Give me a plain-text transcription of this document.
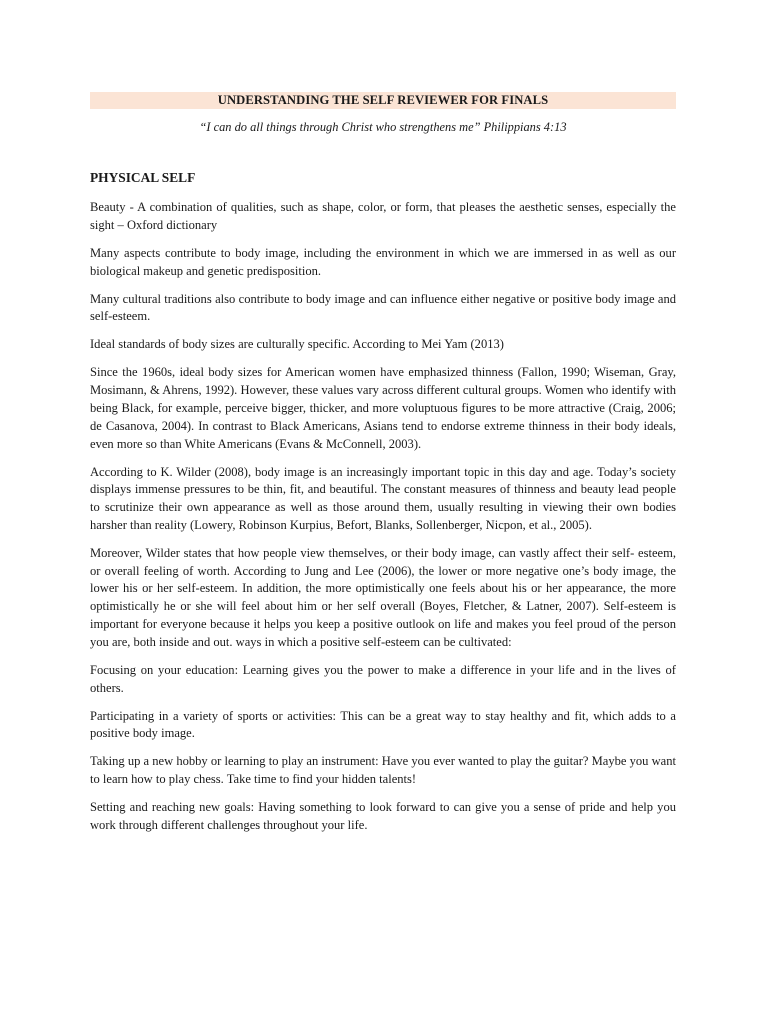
UNDERSTANDING THE SELF REVIEWER FOR FINALS
“I can do all things through Christ who strengthens me” Philippians 4:13
PHYSICAL SELF

Beauty - A combination of qualities, such as shape, color, or form, that pleases the aesthetic senses, especially the sight – Oxford dictionary

Many aspects contribute to body image, including the environment in which we are immersed in as well as our biological makeup and genetic predisposition.

Many cultural traditions also contribute to body image and can influence either negative or positive body image and self-esteem.

Ideal standards of body sizes are culturally specific. According to Mei Yam (2013)

Since the 1960s, ideal body sizes for American women have emphasized thinness (Fallon, 1990; Wiseman, Gray, Mosimann, & Ahrens, 1992). However, these values vary across different cultural groups. Women who identify with being Black, for example, perceive bigger, thicker, and more voluptuous figures to be more attractive (Craig, 2006; de Casanova, 2004). In contrast to Black Americans, Asians tend to endorse extreme thinness in their body ideals, even more so than White Americans (Evans & McConnell, 2003).

According to K. Wilder (2008), body image is an increasingly important topic in this day and age. Today’s society displays immense pressures to be thin, fit, and beautiful. The constant measures of thinness and beauty lead people to scrutinize their own appearance as well as those around them, usually resulting in viewing their own bodies harsher than reality (Lowery, Robinson Kurpius, Befort, Blanks, Sollenberger, Nicpon, et al., 2005).

Moreover, Wilder states that how people view themselves, or their body image, can vastly affect their self- esteem, or overall feeling of worth. According to Jung and Lee (2006), the lower or more negative one’s body image, the lower his or her self-esteem. In addition, the more optimistically one feels about his or her appearance, the more optimistically he or she will feel about him or her self overall (Boyes, Fletcher, & Latner, 2007). Self-esteem is important for everyone because it helps you keep a positive outlook on life and makes you feel proud of the person you are, both inside and out. ways in which a positive self-esteem can be cultivated:

Focusing on your education: Learning gives you the power to make a difference in your life and in the lives of others.

Participating in a variety of sports or activities: This can be a great way to stay healthy and fit, which adds to a positive body image.

Taking up a new hobby or learning to play an instrument: Have you ever wanted to play the guitar? Maybe you want to learn how to play chess. Take time to find your hidden talents!

Setting and reaching new goals: Having something to look forward to can give you a sense of pride and help you work through different challenges throughout your life.
